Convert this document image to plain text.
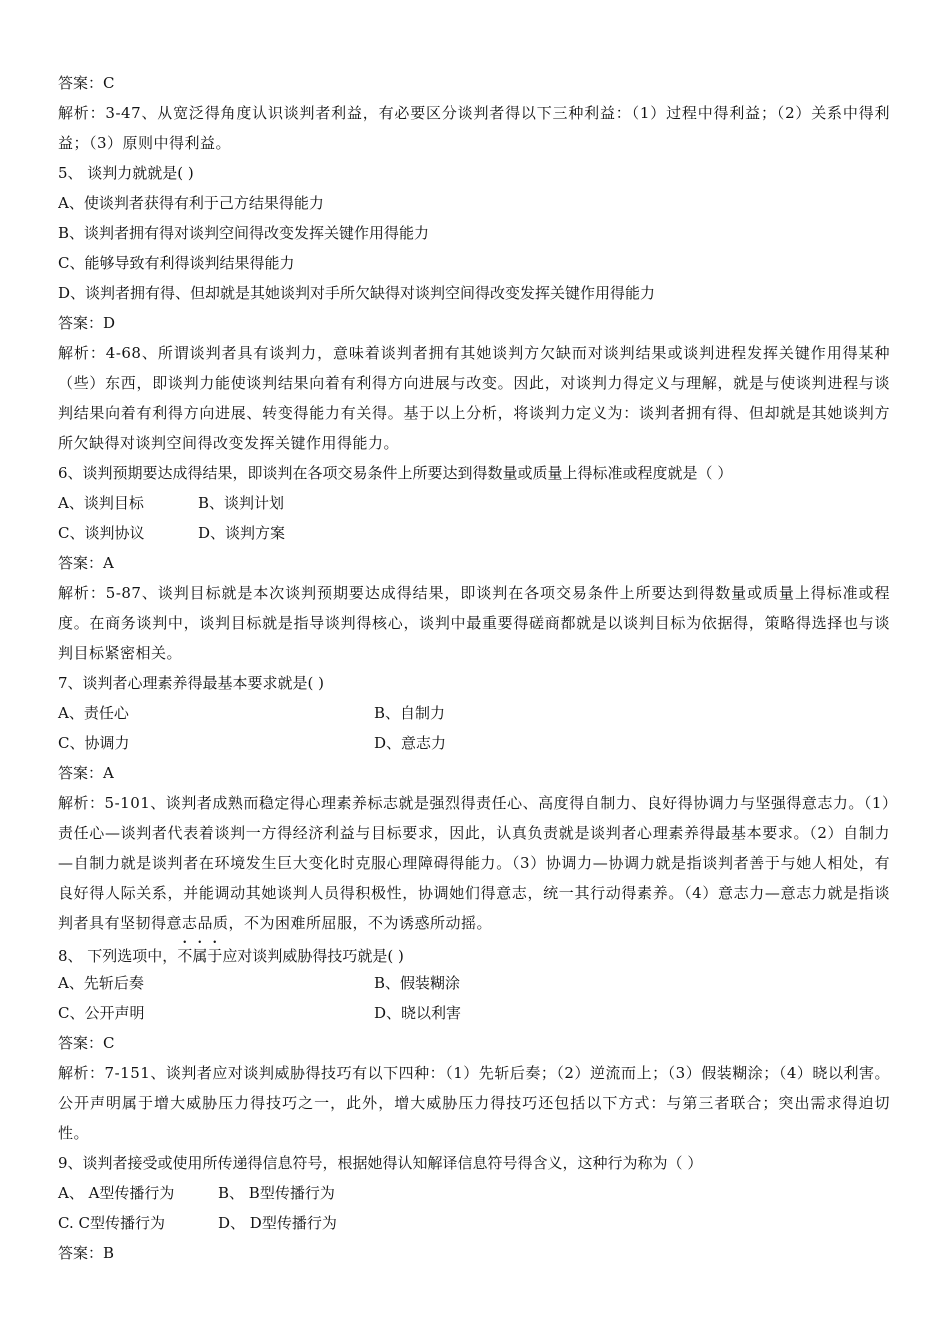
答案：C

解析：3-47、从宽泛得角度认识谈判者利益，有必要区分谈判者得以下三种利益：（1）过程中得利益；（2）关系中得利益；（3）原则中得利益。

5、 谈判力就就是( )
A、使谈判者获得有利于己方结果得能力
B、谈判者拥有得对谈判空间得改变发挥关键作用得能力
C、能够导致有利得谈判结果得能力
D、谈判者拥有得、但却就是其她谈判对手所欠缺得对谈判空间得改变发挥关键作用得能力
答案：D

解析：4-68、所谓谈判者具有谈判力，意味着谈判者拥有其她谈判方欠缺而对谈判结果或谈判进程发挥关键作用得某种（些）东西，即谈判力能使谈判结果向着有利得方向进展与改变。因此，对谈判力得定义与理解，就是与使谈判进程与谈判结果向着有利得方向进展、转变得能力有关得。基于以上分析，将谈判力定义为：谈判者拥有得、但却就是其她谈判方所欠缺得对谈判空间得改变发挥关键作用得能力。

6、谈判预期要达成得结果，即谈判在各项交易条件上所要达到得数量或质量上得标准或程度就是（ ）
A、谈判目标	B、谈判计划
C、谈判协议	D、谈判方案
答案：A

解析：5-87、谈判目标就是本次谈判预期要达成得结果，即谈判在各项交易条件上所要达到得数量或质量上得标准或程度。在商务谈判中，谈判目标就是指导谈判得核心，谈判中最重要得磋商都就是以谈判目标为依据得，策略得选择也与谈判目标紧密相关。

7、谈判者心理素养得最基本要求就是( )
A、责任心	B、自制力
C、协调力	D、意志力
答案：A

解析：5-101、谈判者成熟而稳定得心理素养标志就是强烈得责任心、高度得自制力、良好得协调力与坚强得意志力。（1）责任心—谈判者代表着谈判一方得经济利益与目标要求，因此，认真负责就是谈判者心理素养得最基本要求。（2）自制力—自制力就是谈判者在环境发生巨大变化时克服心理障碍得能力。（3）协调力—协调力就是指谈判者善于与她人相处，有良好得人际关系，并能调动其她谈判人员得积极性，协调她们得意志，统一其行动得素养。（4）意志力—意志力就是指谈判者具有坚韧得意志品质，不为困难所屈服，不为诱惑所动摇。

8、 下列选项中，不属于应对谈判威胁得技巧就是( )
A、先斩后奏	B、假装糊涂
C、公开声明	D、晓以利害
答案：C

解析：7-151、谈判者应对谈判威胁得技巧有以下四种：（1）先斩后奏；（2）逆流而上；（3）假装糊涂；（4）晓以利害。公开声明属于增大威胁压力得技巧之一，此外，增大威胁压力得技巧还包括以下方式：与第三者联合；突出需求得迫切性。

9、谈判者接受或使用所传递得信息符号，根据她得认知解译信息符号得含义，这种行为称为（ ）
A、 A型传播行为	B、 B型传播行为
C. C型传播行为	D、 D型传播行为
答案：B
